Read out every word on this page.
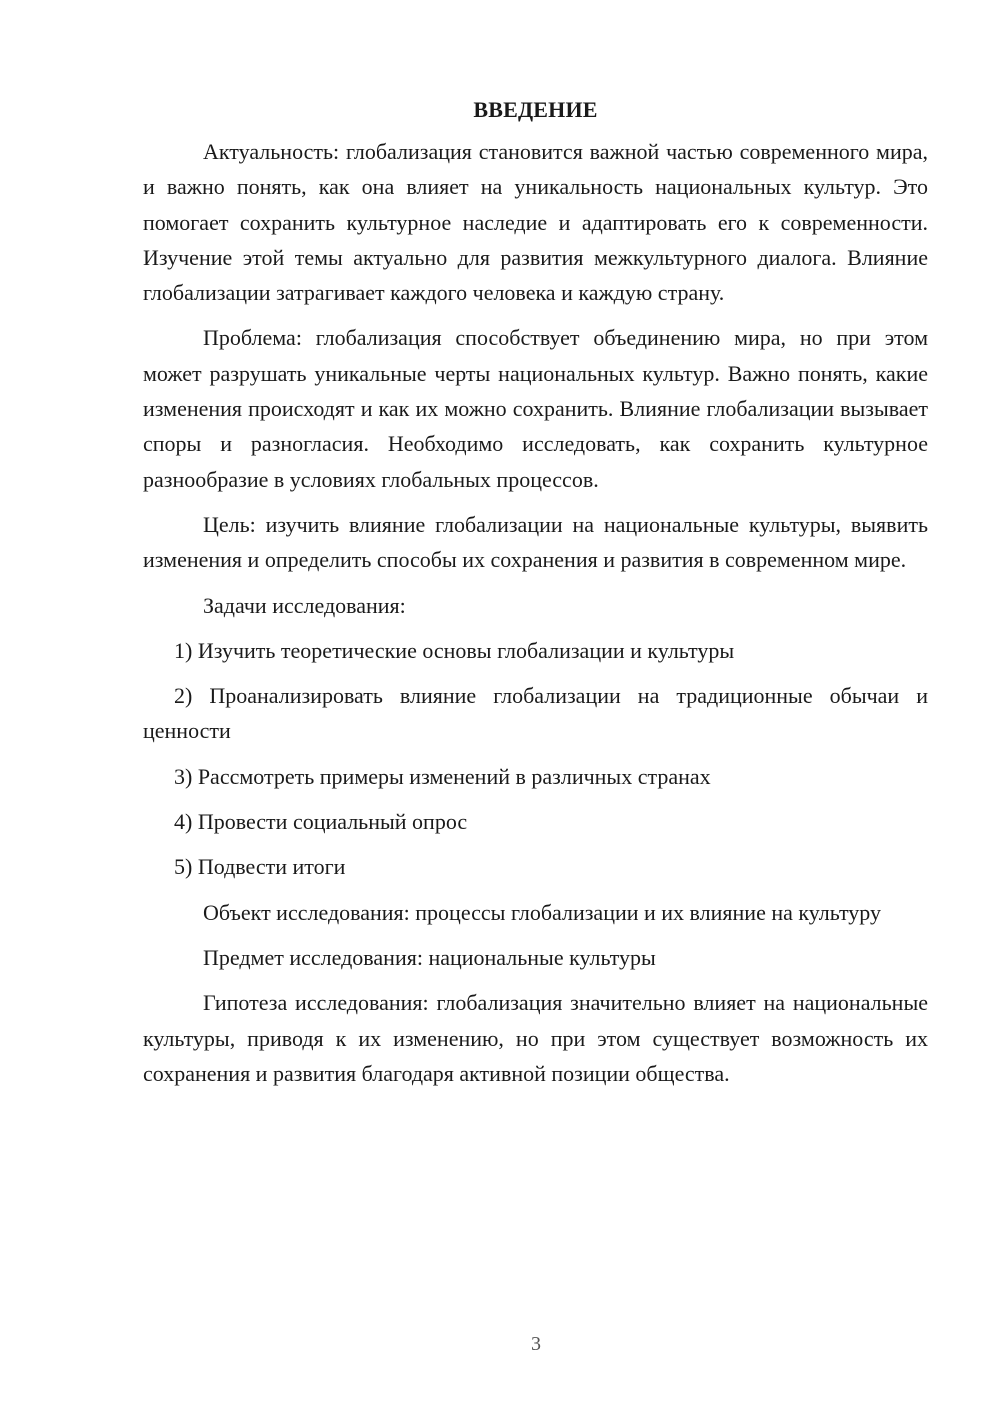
ВВЕДЕНИЕ

Актуальность: глобализация становится важной частью современного мира, и важно понять, как она влияет на уникальность национальных культур. Это помогает сохранить культурное наследие и адаптировать его к современности. Изучение этой темы актуально для развития межкультурного диалога. Влияние глобализации затрагивает каждого человека и каждую страну.

Проблема: глобализация способствует объединению мира, но при этом может разрушать уникальные черты национальных культур. Важно понять, какие изменения происходят и как их можно сохранить. Влияние глобализации вызывает споры и разногласия. Необходимо исследовать, как сохранить культурное разнообразие в условиях глобальных процессов.

Цель: изучить влияние глобализации на национальные культуры, выявить изменения и определить способы их сохранения и развития в современном мире.

Задачи исследования:

1) Изучить теоретические основы глобализации и культуры

2) Проанализировать влияние глобализации на традиционные обычаи и ценности

3) Рассмотреть примеры изменений в различных странах

4) Провести социальный опрос

5) Подвести итоги

Объект исследования: процессы глобализации и их влияние на культуру

Предмет исследования: национальные культуры

Гипотеза исследования: глобализация значительно влияет на национальные культуры, приводя к их изменению, но при этом существует возможность их сохранения и развития благодаря активной позиции общества.

3
